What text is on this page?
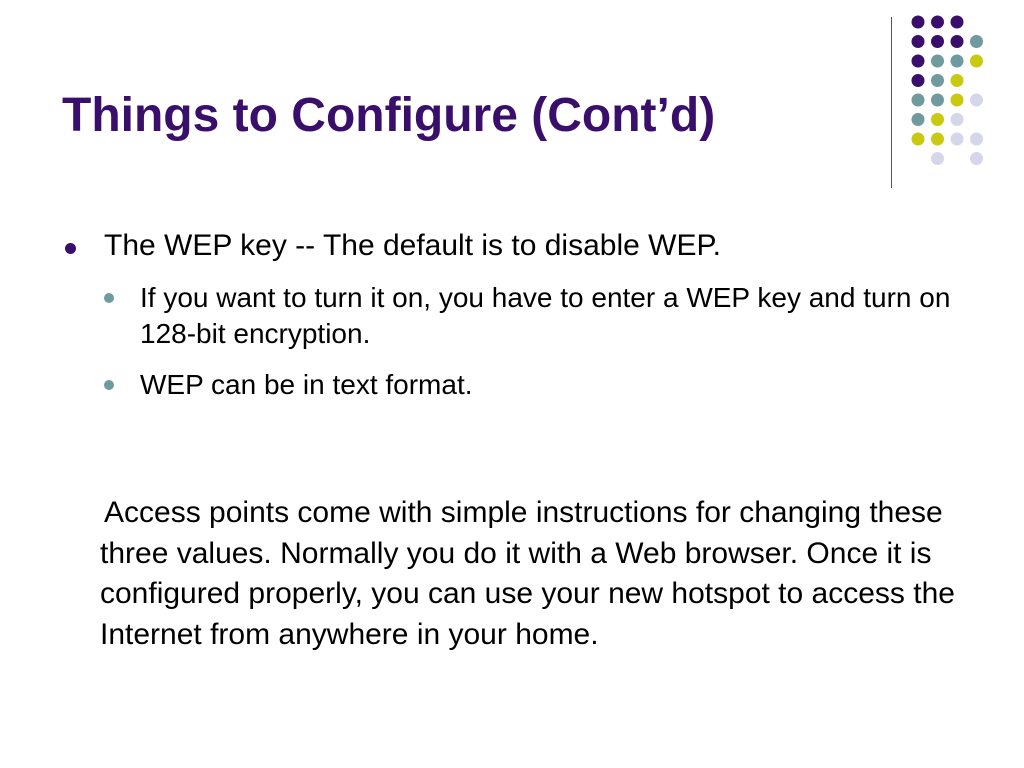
Things to Configure (Cont’d)
The WEP key -- The default is to disable WEP.
If you want to turn it on, you have to enter a WEP key and turn on 128-bit encryption.
WEP can be in text format.

Access points come with simple instructions for changing these three values. Normally you do it with a Web browser. Once it is configured properly, you can use your new hotspot to access the Internet from anywhere in your home.
